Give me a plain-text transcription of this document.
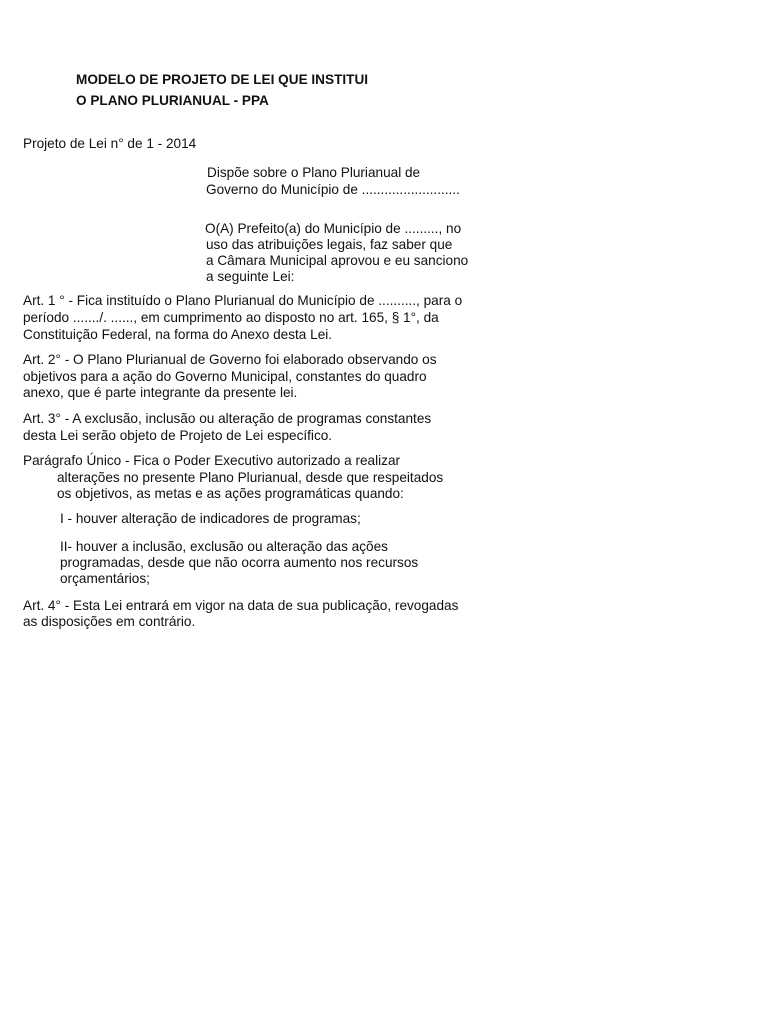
MODELO DE PROJETO DE LEI QUE INSTITUI
O PLANO PLURIANUAL - PPA
Projeto de Lei n° de 1 - 2014
Dispõe sobre o Plano Plurianual de
Governo do Município de ..........................
O(A) Prefeito(a) do Município de ........., no
uso das atribuições legais, faz saber que
a Câmara Municipal aprovou e eu sanciono
a seguinte Lei:
Art. 1 ° - Fica instituído o Plano Plurianual do Município de .........., para o
período ......./. ......, em cumprimento ao disposto no art. 165, § 1°, da
Constituição Federal, na forma do Anexo desta Lei.
Art. 2° - O Plano Plurianual de Governo foi elaborado observando os
objetivos para a ação do Governo Municipal, constantes do quadro
anexo, que é parte integrante da presente lei.
Art. 3° - A exclusão, inclusão ou alteração de programas constantes
desta Lei serão objeto de Projeto de Lei específico.
Parágrafo Único - Fica o Poder Executivo autorizado a realizar
alterações no presente Plano Plurianual, desde que respeitados
os objetivos, as metas e as ações programáticas quando:
I - houver alteração de indicadores de programas;
II- houver a inclusão, exclusão ou alteração das ações
programadas, desde que não ocorra aumento nos recursos
orçamentários;
Art. 4° - Esta Lei entrará em vigor na data de sua publicação, revogadas
as disposições em contrário.
